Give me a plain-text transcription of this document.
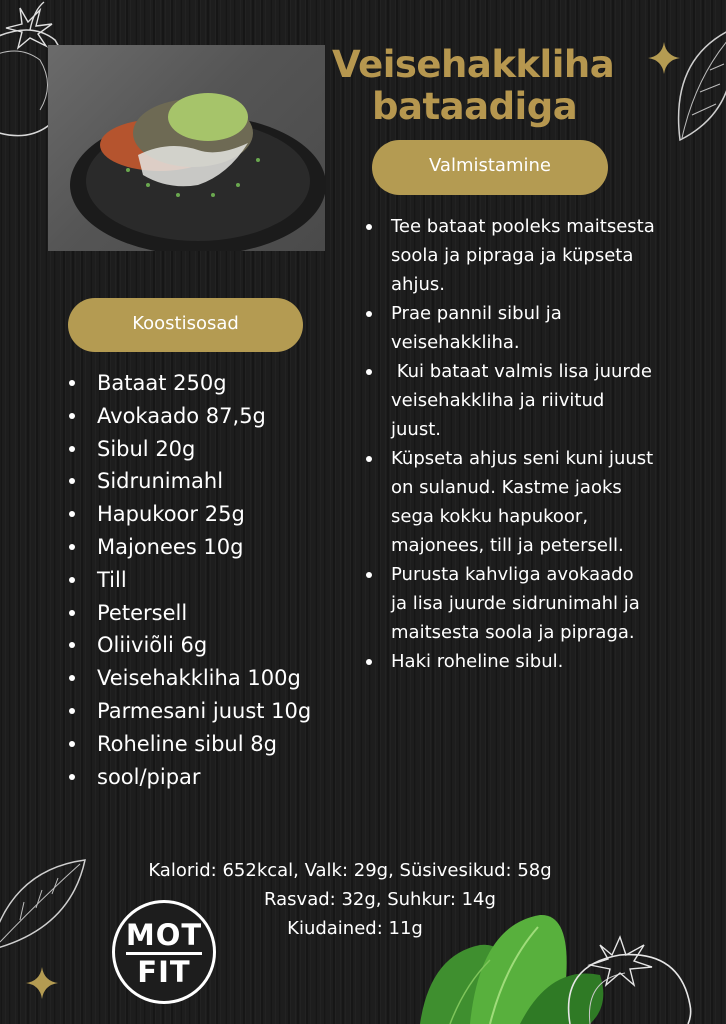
Veisehakkliha
bataadiga
Valmistamine
Tee bataat pooleks maitsesta soola ja pipraga ja küpseta ahjus.
Prae pannil sibul ja veisehakkliha.
Kui bataat valmis lisa juurde veisehakkliha ja riivitud juust.
Küpseta ahjus seni kuni juust on sulanud. Kastme jaoks sega kokku hapukoor, majonees, till ja petersell.
Purusta kahvliga avokaado ja lisa juurde sidrunimahl ja maitsesta soola ja pipraga.
Haki roheline sibul.
Koostisosad
Bataat 250g
Avokaado 87,5g
Sibul 20g
Sidrunimahl
Hapukoor 25g
Majonees 10g
Till
Petersell
Oliiviõli 6g
Veisehakkliha 100g
Parmesani juust 10g
Roheline sibul 8g
sool/pipar
Kalorid: 652kcal, Valk: 29g, Süsivesikud: 58g
Rasvad: 32g, Suhkur: 14g
Kiudained: 11g
MOT
FIT
